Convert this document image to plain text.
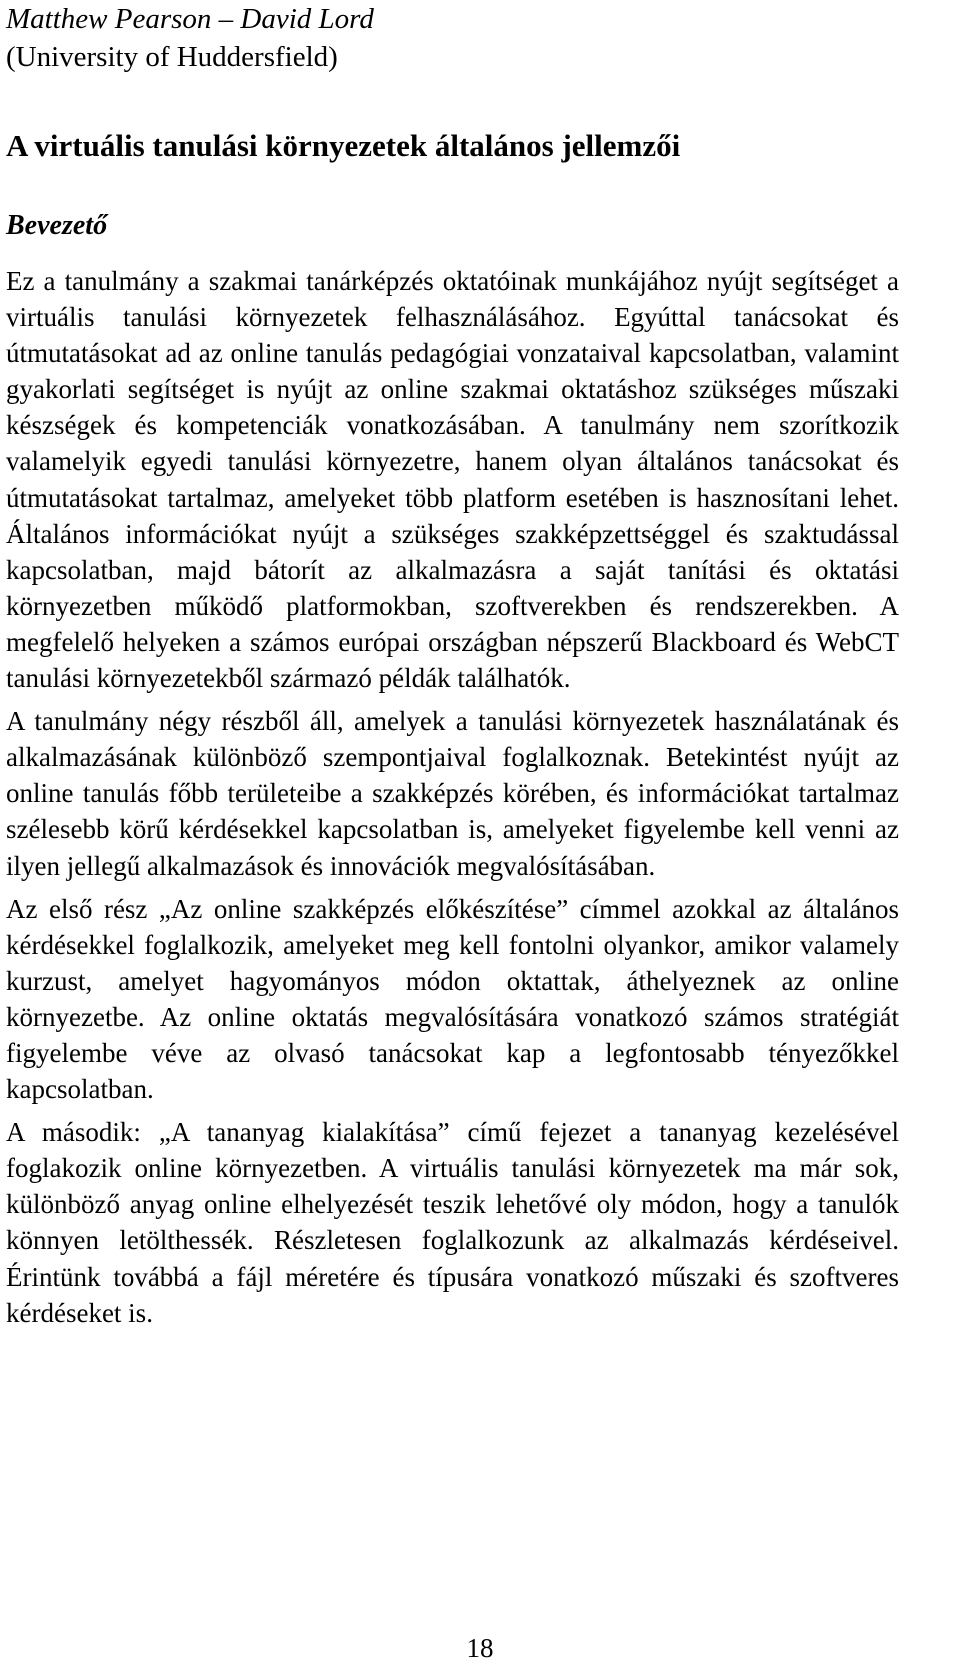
Matthew Pearson – David Lord
(University of Huddersfield)
A virtuális tanulási környezetek általános jellemzői
Bevezető

Ez a tanulmány a szakmai tanárképzés oktatóinak munkájához nyújt segítséget a virtuális tanulási környezetek felhasználásához. Egyúttal tanácsokat és útmutatásokat ad az online tanulás pedagógiai vonzataival kapcsolatban, valamint gyakorlati segítséget is nyújt az online szakmai oktatáshoz szükséges műszaki készségek és kompetenciák vonatkozásában. A tanulmány nem szorítkozik valamelyik egyedi tanulási környezetre, hanem olyan általános tanácsokat és útmutatásokat tartalmaz, amelyeket több platform esetében is hasznosítani lehet. Általános információkat nyújt a szükséges szakképzettséggel és szaktudással kapcsolatban, majd bátorít az alkalmazásra a saját tanítási és oktatási környezetben működő platformokban, szoftverekben és rendszerekben. A megfelelő helyeken a számos európai országban népszerű Blackboard és WebCT tanulási környezetekből származó példák találhatók.

A tanulmány négy részből áll, amelyek a tanulási környezetek használatának és alkalmazásának különböző szempontjaival foglalkoznak. Betekintést nyújt az online tanulás főbb területeibe a szakképzés körében, és információkat tartalmaz szélesebb körű kérdésekkel kapcsolatban is, amelyeket figyelembe kell venni az ilyen jellegű alkalmazások és innovációk megvalósításában.

Az első rész „Az online szakképzés előkészítése” címmel azokkal az általános kérdésekkel foglalkozik, amelyeket meg kell fontolni olyankor, amikor valamely kurzust, amelyet hagyományos módon oktattak, áthelyeznek az online környezetbe. Az online oktatás megvalósítására vonatkozó számos stratégiát figyelembe véve az olvasó tanácsokat kap a legfontosabb tényezőkkel kapcsolatban.

A második: „A tananyag kialakítása” című fejezet a tananyag kezelésével foglakozik online környezetben. A virtuális tanulási környezetek ma már sok, különböző anyag online elhelyezését teszik lehetővé oly módon, hogy a tanulók könnyen letölthessék. Részletesen foglalkozunk az alkalmazás kérdéseivel. Érintünk továbbá a fájl méretére és típusára vonatkozó műszaki és szoftveres kérdéseket is.

18
